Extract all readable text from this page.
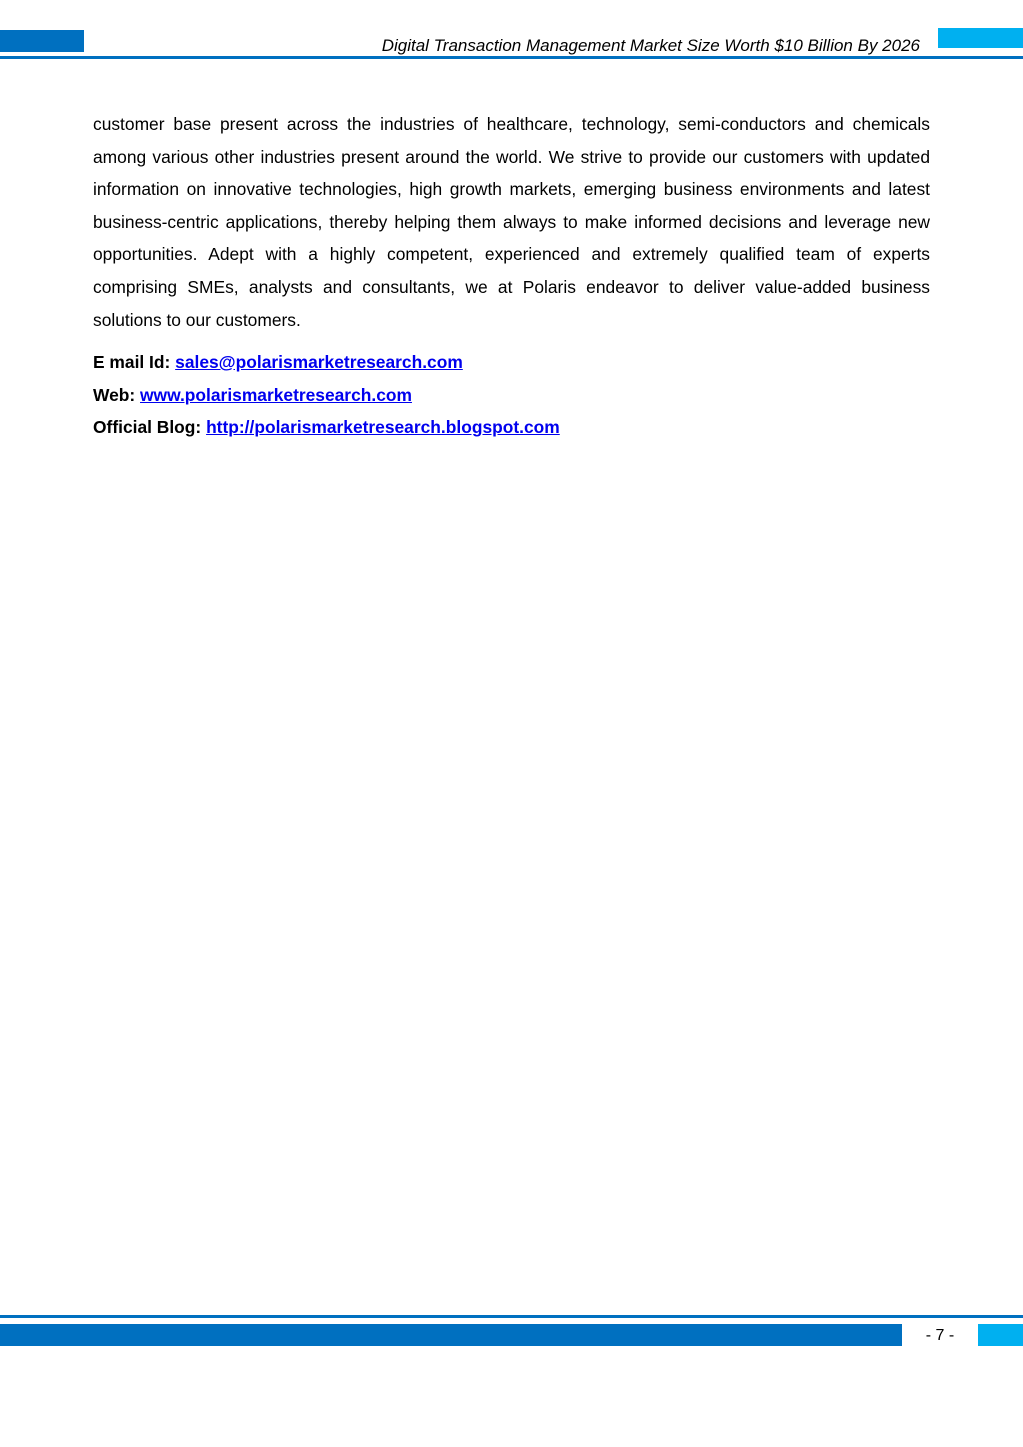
Digital Transaction Management Market Size Worth $10 Billion By 2026

customer base present across the industries of healthcare, technology, semi-conductors and chemicals among various other industries present around the world. We strive to provide our customers with updated information on innovative technologies, high growth markets, emerging business environments and latest business-centric applications, thereby helping them always to make informed decisions and leverage new opportunities. Adept with a highly competent, experienced and extremely qualified team of experts comprising SMEs, analysts and consultants, we at Polaris endeavor to deliver value-added business solutions to our customers.

E mail Id: sales@polarismarketresearch.com
Web: www.polarismarketresearch.com
Official Blog: http://polarismarketresearch.blogspot.com
- 7 -
